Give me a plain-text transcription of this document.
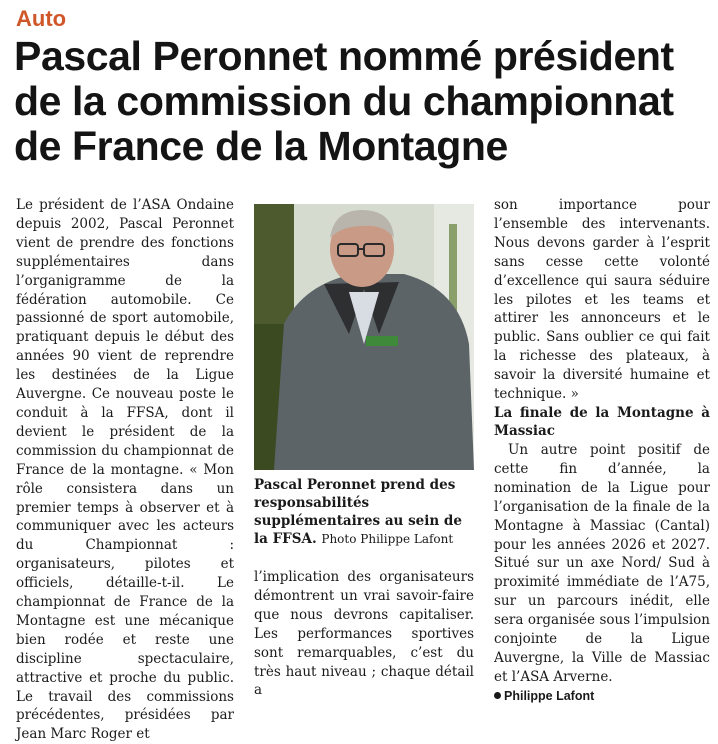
Auto
Pascal Peronnet nommé président
de la commission du championnat
de France de la Montagne

Le président de l’ASA Ondaine depuis 2002, Pascal Peronnet vient de prendre des fonctions supplémentaires dans l’organigramme de la fédération automobile. Ce passionné de sport automobile, pratiquant depuis le début des années 90 vient de reprendre les destinées de la Ligue Auvergne. Ce nouveau poste le conduit à la FFSA, dont il devient le président de la commission du championnat de France de la montagne. « Mon rôle consistera dans un premier temps à observer et à communiquer avec les acteurs du Championnat : organisateurs, pilotes et officiels, détaille-t-il. Le championnat de France de la Montagne est une mécanique bien rodée et reste une discipline spectaculaire, attractive et proche du public. Le travail des commissions précédentes, présidées par Jean Marc Roger et

Pascal Peronnet prend des responsabilités supplémentaires au sein de la FFSA. Photo Philippe Lafont

l’implication des organisateurs démontrent un vrai savoir-faire que nous devrons capitaliser. Les performances sportives sont remarquables, c’est du très haut niveau ; chaque détail a

son importance pour l’ensemble des intervenants. Nous devons garder à l’esprit sans cesse cette volonté d’excellence qui saura séduire les pilotes et les teams et attirer les annonceurs et le public. Sans oublier ce qui fait la richesse des plateaux, à savoir la diversité humaine et technique. »

La finale de la Montagne à Massiac

Un autre point positif de cette fin d’année, la nomination de la Ligue pour l’organisation de la finale de la Montagne à Massiac (Cantal) pour les années 2026 et 2027. Situé sur un axe Nord/ Sud à proximité immédiate de l’A75, sur un parcours inédit, elle sera organisée sous l’impulsion conjointe de la Ligue Auvergne, la Ville de Massiac et l’ASA Arverne.

Philippe Lafont
